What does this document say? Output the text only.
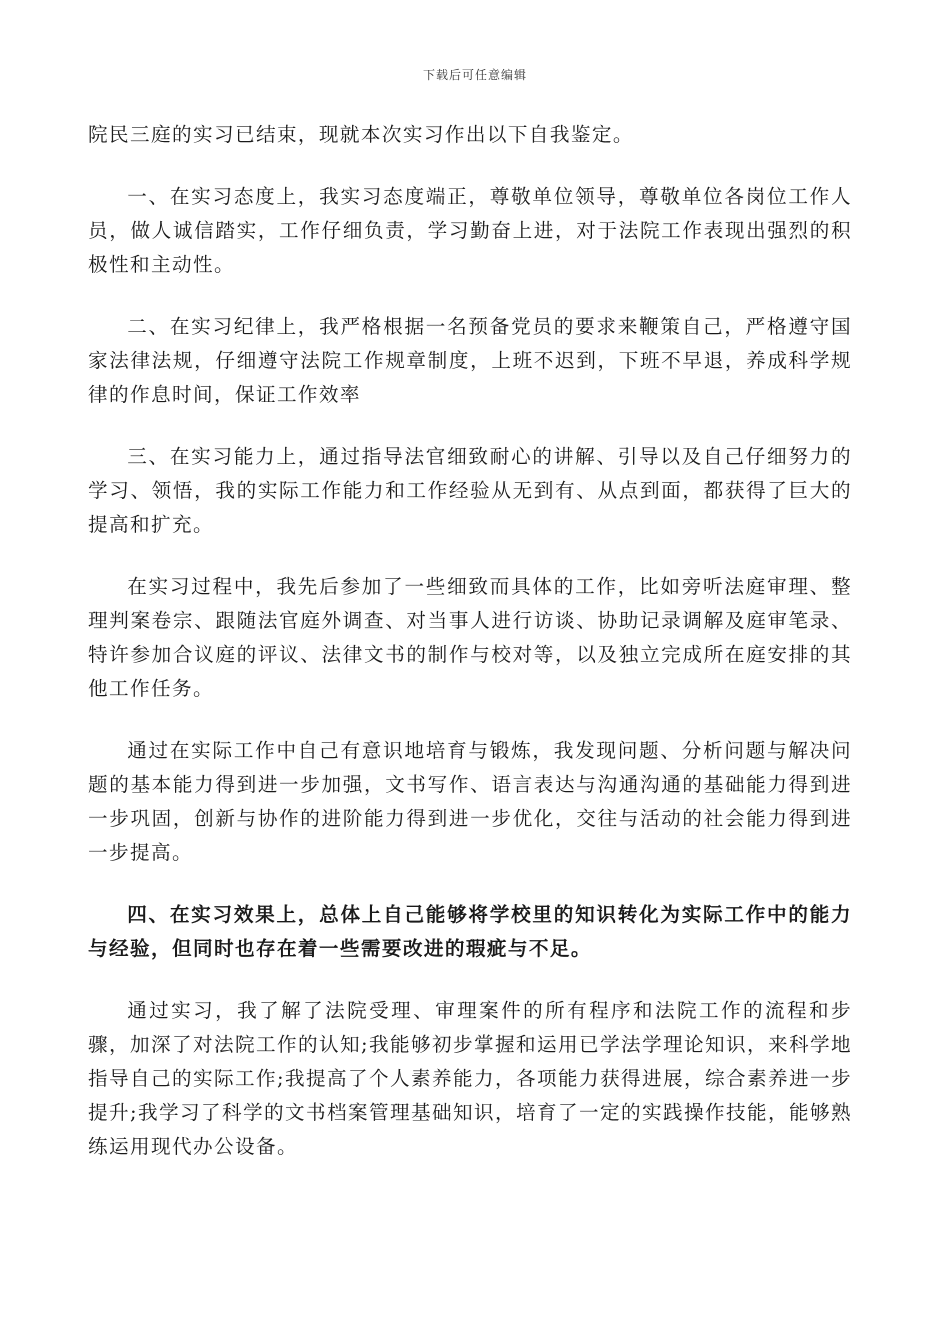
下载后可任意编辑

院民三庭的实习已结束，现就本次实习作出以下自我鉴定。

一、在实习态度上，我实习态度端正，尊敬单位领导，尊敬单位各岗位工作人员，做人诚信踏实，工作仔细负责，学习勤奋上进，对于法院工作表现出强烈的积极性和主动性。

二、在实习纪律上，我严格根据一名预备党员的要求来鞭策自己，严格遵守国家法律法规，仔细遵守法院工作规章制度，上班不迟到，下班不早退，养成科学规律的作息时间，保证工作效率

三、在实习能力上，通过指导法官细致耐心的讲解、引导以及自己仔细努力的学习、领悟，我的实际工作能力和工作经验从无到有、从点到面，都获得了巨大的提高和扩充。

在实习过程中，我先后参加了一些细致而具体的工作，比如旁听法庭审理、整理判案卷宗、跟随法官庭外调查、对当事人进行访谈、协助记录调解及庭审笔录、特许参加合议庭的评议、法律文书的制作与校对等，以及独立完成所在庭安排的其他工作任务。

通过在实际工作中自己有意识地培育与锻炼，我发现问题、分析问题与解决问题的基本能力得到进一步加强，文书写作、语言表达与沟通沟通的基础能力得到进一步巩固，创新与协作的进阶能力得到进一步优化，交往与活动的社会能力得到进一步提高。

四、在实习效果上，总体上自己能够将学校里的知识转化为实际工作中的能力与经验，但同时也存在着一些需要改进的瑕疵与不足。

通过实习，我了解了法院受理、审理案件的所有程序和法院工作的流程和步骤，加深了对法院工作的认知;我能够初步掌握和运用已学法学理论知识，来科学地指导自己的实际工作;我提高了个人素养能力，各项能力获得进展，综合素养进一步提升;我学习了科学的文书档案管理基础知识，培育了一定的实践操作技能，能够熟练运用现代办公设备。
